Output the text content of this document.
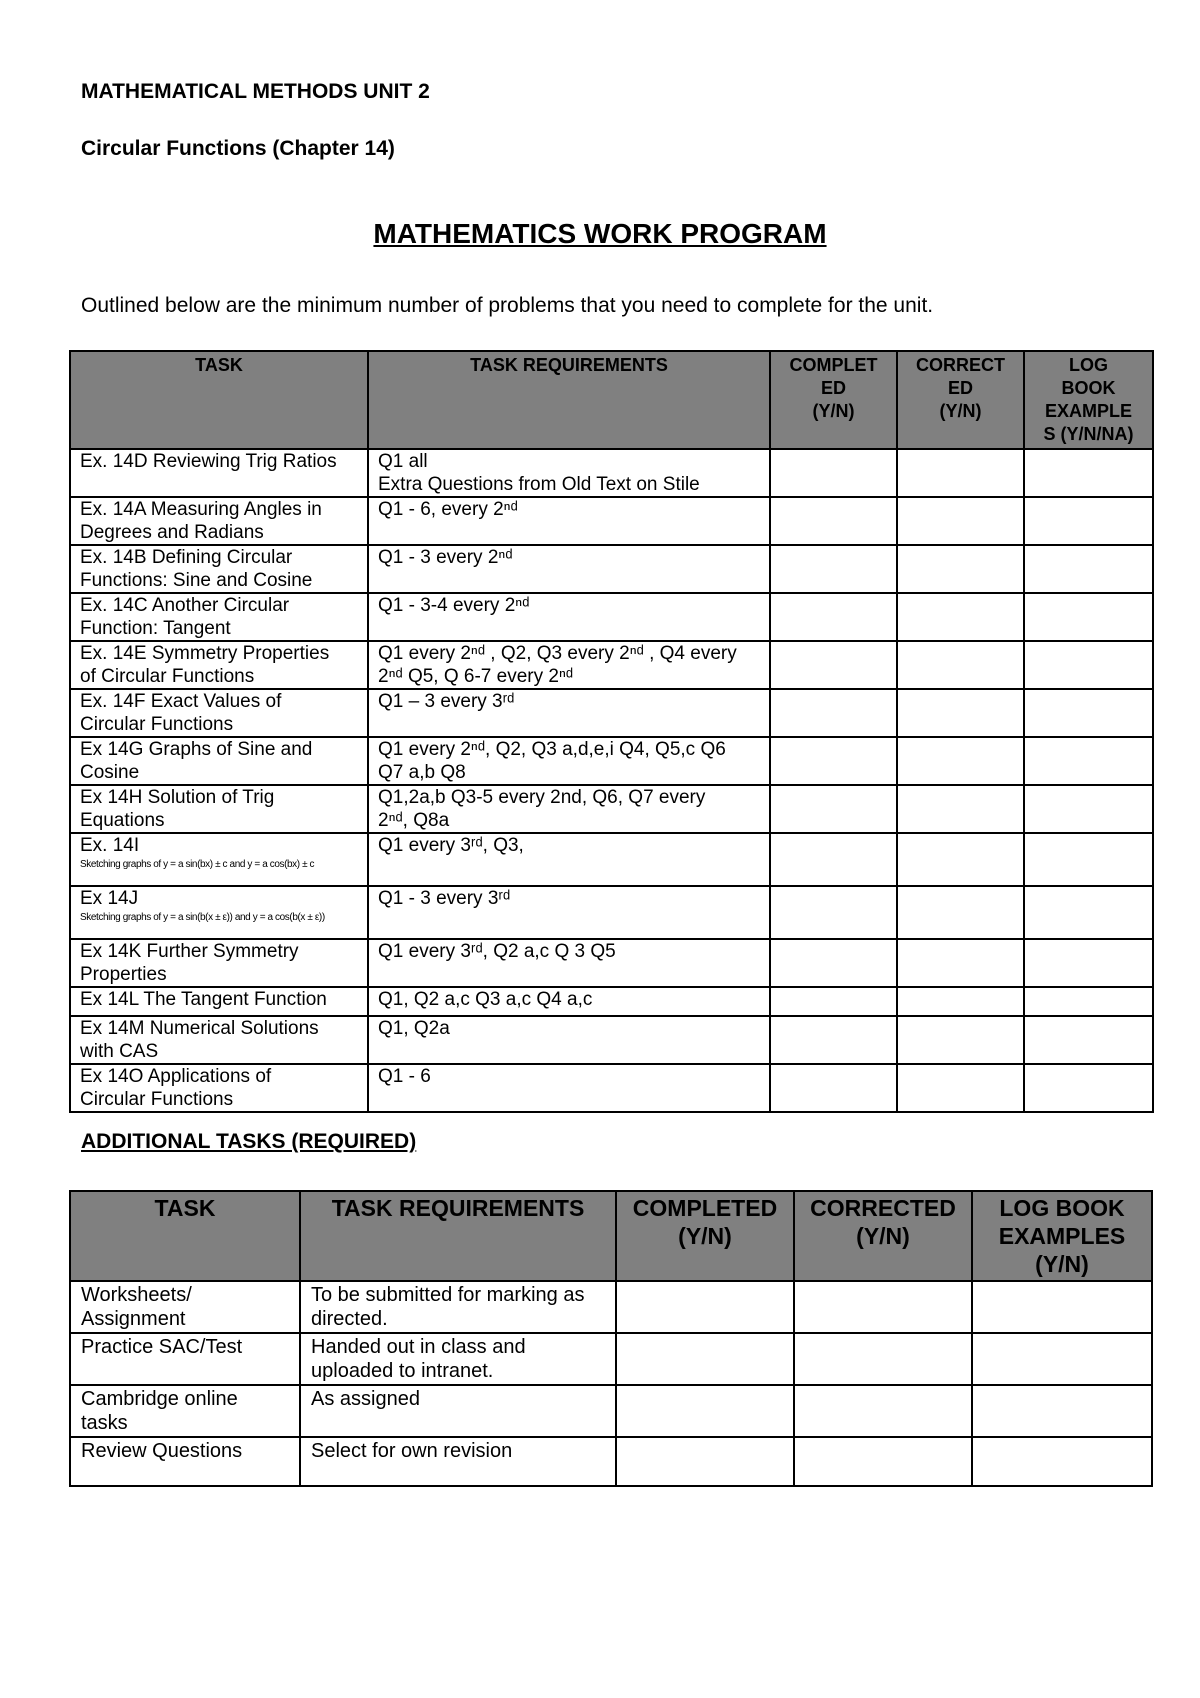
MATHEMATICAL METHODS UNIT 2

Circular Functions (Chapter 14)

MATHEMATICS WORK PROGRAM

Outlined below are the minimum number of problems that you need to complete for the unit.

TASK	TASK REQUIREMENTS	COMPLET
ED
(Y/N)	CORRECT
ED
(Y/N)	LOG
BOOK
EXAMPLE
S (Y/N/NA)
Ex. 14D Reviewing Trig Ratios	Q1 all
Extra Questions from Old Text on Stile			
Ex. 14A Measuring Angles in
Degrees and Radians	Q1 - 6, every 2ⁿᵈ			
Ex. 14B Defining Circular
Functions: Sine and Cosine	Q1 - 3 every 2ⁿᵈ			
Ex. 14C Another Circular
Function: Tangent	Q1 - 3-4 every 2ⁿᵈ			
Ex. 14E Symmetry Properties
of Circular Functions	Q1 every 2ⁿᵈ , Q2, Q3 every 2ⁿᵈ , Q4 every
2ⁿᵈ Q5, Q 6-7 every 2ⁿᵈ			
Ex. 14F Exact Values of
Circular Functions	Q1 – 3 every 3ʳᵈ			
Ex 14G Graphs of Sine and
Cosine	Q1 every 2ⁿᵈ, Q2, Q3 a,d,e,i Q4, Q5,c Q6
Q7 a,b Q8			
Ex 14H Solution of Trig
Equations	Q1,2a,b Q3-5 every 2nd, Q6, Q7 every
2ⁿᵈ, Q8a			
Ex. 14I
Sketching graphs of y = a sin(bx) ± c and y = a cos(bx) ± c	Q1 every 3ʳᵈ, Q3,			
Ex 14J
Sketching graphs of y = a sin(b(x ± ε)) and y = a cos(b(x ± ε))	Q1 - 3 every 3ʳᵈ			
Ex 14K Further Symmetry
Properties	Q1 every 3ʳᵈ, Q2 a,c Q 3 Q5			
Ex 14L The Tangent Function	Q1, Q2 a,c Q3 a,c Q4 a,c			
Ex 14M Numerical Solutions
with CAS	Q1, Q2a			
Ex 14O Applications of
Circular Functions	Q1 - 6			

ADDITIONAL TASKS (REQUIRED)

TASK	TASK REQUIREMENTS	COMPLETED
(Y/N)	CORRECTED
(Y/N)	LOG BOOK
EXAMPLES
(Y/N)
Worksheets/
Assignment	To be submitted for marking as
directed.			
Practice SAC/Test	Handed out in class and
uploaded to intranet.			
Cambridge online
tasks	As assigned			
Review Questions	Select for own revision			
